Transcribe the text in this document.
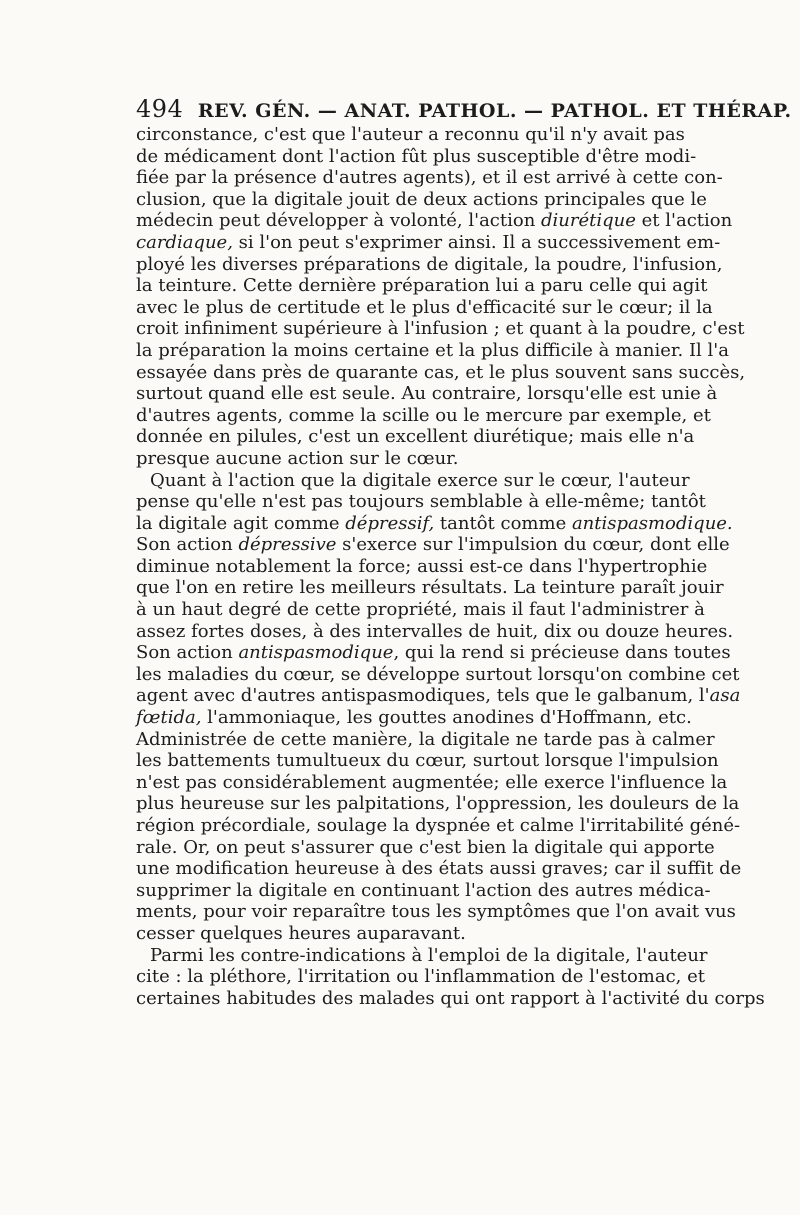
494 REV. GÉN. — ANAT. PATHOL. — PATHOL. ET THÉRAP.
circonstance, c'est que l'auteur a reconnu qu'il n'y avait pas
de médicament dont l'action fût plus susceptible d'être modi-
fiée par la présence d'autres agents), et il est arrivé à cette con-
clusion, que la digitale jouit de deux actions principales que le
médecin peut développer à volonté, l'action diurétique et l'action
cardiaque, si l'on peut s'exprimer ainsi. Il a successivement em-
ployé les diverses préparations de digitale, la poudre, l'infusion,
la teinture. Cette dernière préparation lui a paru celle qui agit
avec le plus de certitude et le plus d'efficacité sur le cœur; il la
croit infiniment supérieure à l'infusion ; et quant à la poudre, c'est
la préparation la moins certaine et la plus difficile à manier. Il l'a
essayée dans près de quarante cas, et le plus souvent sans succès,
surtout quand elle est seule. Au contraire, lorsqu'elle est unie à
d'autres agents, comme la scille ou le mercure par exemple, et
donnée en pilules, c'est un excellent diurétique; mais elle n'a
presque aucune action sur le cœur.
Quant à l'action que la digitale exerce sur le cœur, l'auteur
pense qu'elle n'est pas toujours semblable à elle-même; tantôt
la digitale agit comme dépressif, tantôt comme antispasmodique.
Son action dépressive s'exerce sur l'impulsion du cœur, dont elle
diminue notablement la force; aussi est-ce dans l'hypertrophie
que l'on en retire les meilleurs résultats. La teinture paraît jouir
à un haut degré de cette propriété, mais il faut l'administrer à
assez fortes doses, à des intervalles de huit, dix ou douze heures.
Son action antispasmodique, qui la rend si précieuse dans toutes
les maladies du cœur, se développe surtout lorsqu'on combine cet
agent avec d'autres antispasmodiques, tels que le galbanum, l'asa
fœtida, l'ammoniaque, les gouttes anodines d'Hoffmann, etc.
Administrée de cette manière, la digitale ne tarde pas à calmer
les battements tumultueux du cœur, surtout lorsque l'impulsion
n'est pas considérablement augmentée; elle exerce l'influence la
plus heureuse sur les palpitations, l'oppression, les douleurs de la
région précordiale, soulage la dyspnée et calme l'irritabilité géné-
rale. Or, on peut s'assurer que c'est bien la digitale qui apporte
une modification heureuse à des états aussi graves; car il suffit de
supprimer la digitale en continuant l'action des autres médica-
ments, pour voir reparaître tous les symptômes que l'on avait vus
cesser quelques heures auparavant.
Parmi les contre-indications à l'emploi de la digitale, l'auteur
cite : la pléthore, l'irritation ou l'inflammation de l'estomac, et
certaines habitudes des malades qui ont rapport à l'activité du corps
